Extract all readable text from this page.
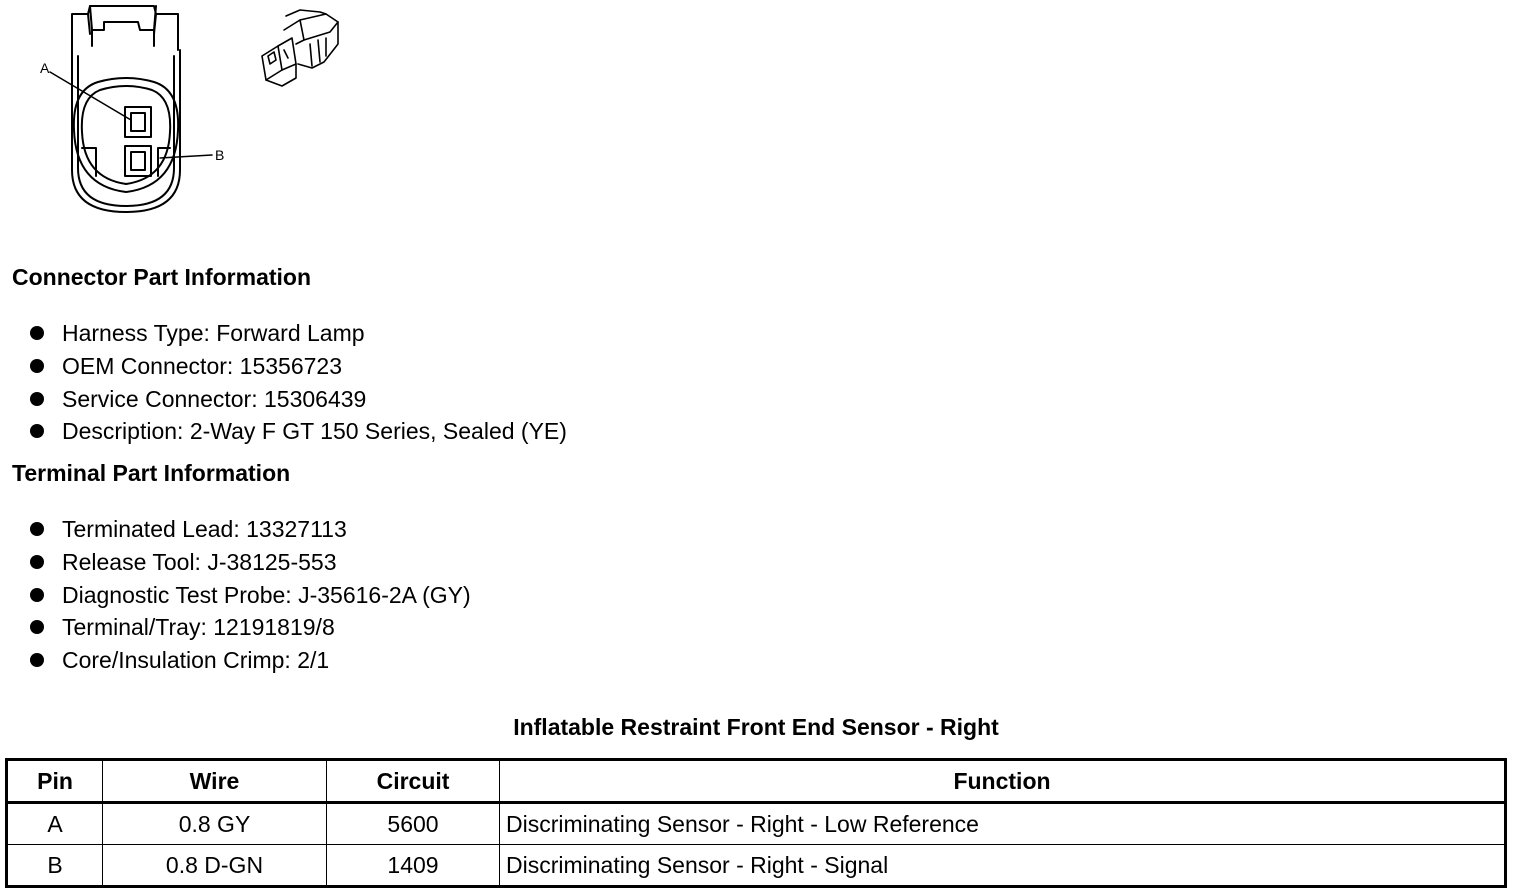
A
B
Connector Part Information
Harness Type: Forward Lamp
OEM Connector: 15356723
Service Connector: 15306439
Description: 2-Way F GT 150 Series, Sealed (YE)
Terminal Part Information
Terminated Lead: 13327113
Release Tool: J-38125-553
Diagnostic Test Probe: J-35616-2A (GY)
Terminal/Tray: 12191819/8
Core/Insulation Crimp: 2/1
Inflatable Restraint Front End Sensor - Right
Pin	Wire	Circuit	Function
A	0.8 GY	5600	Discriminating Sensor - Right - Low Reference
B	0.8 D-GN	1409	Discriminating Sensor - Right - Signal
